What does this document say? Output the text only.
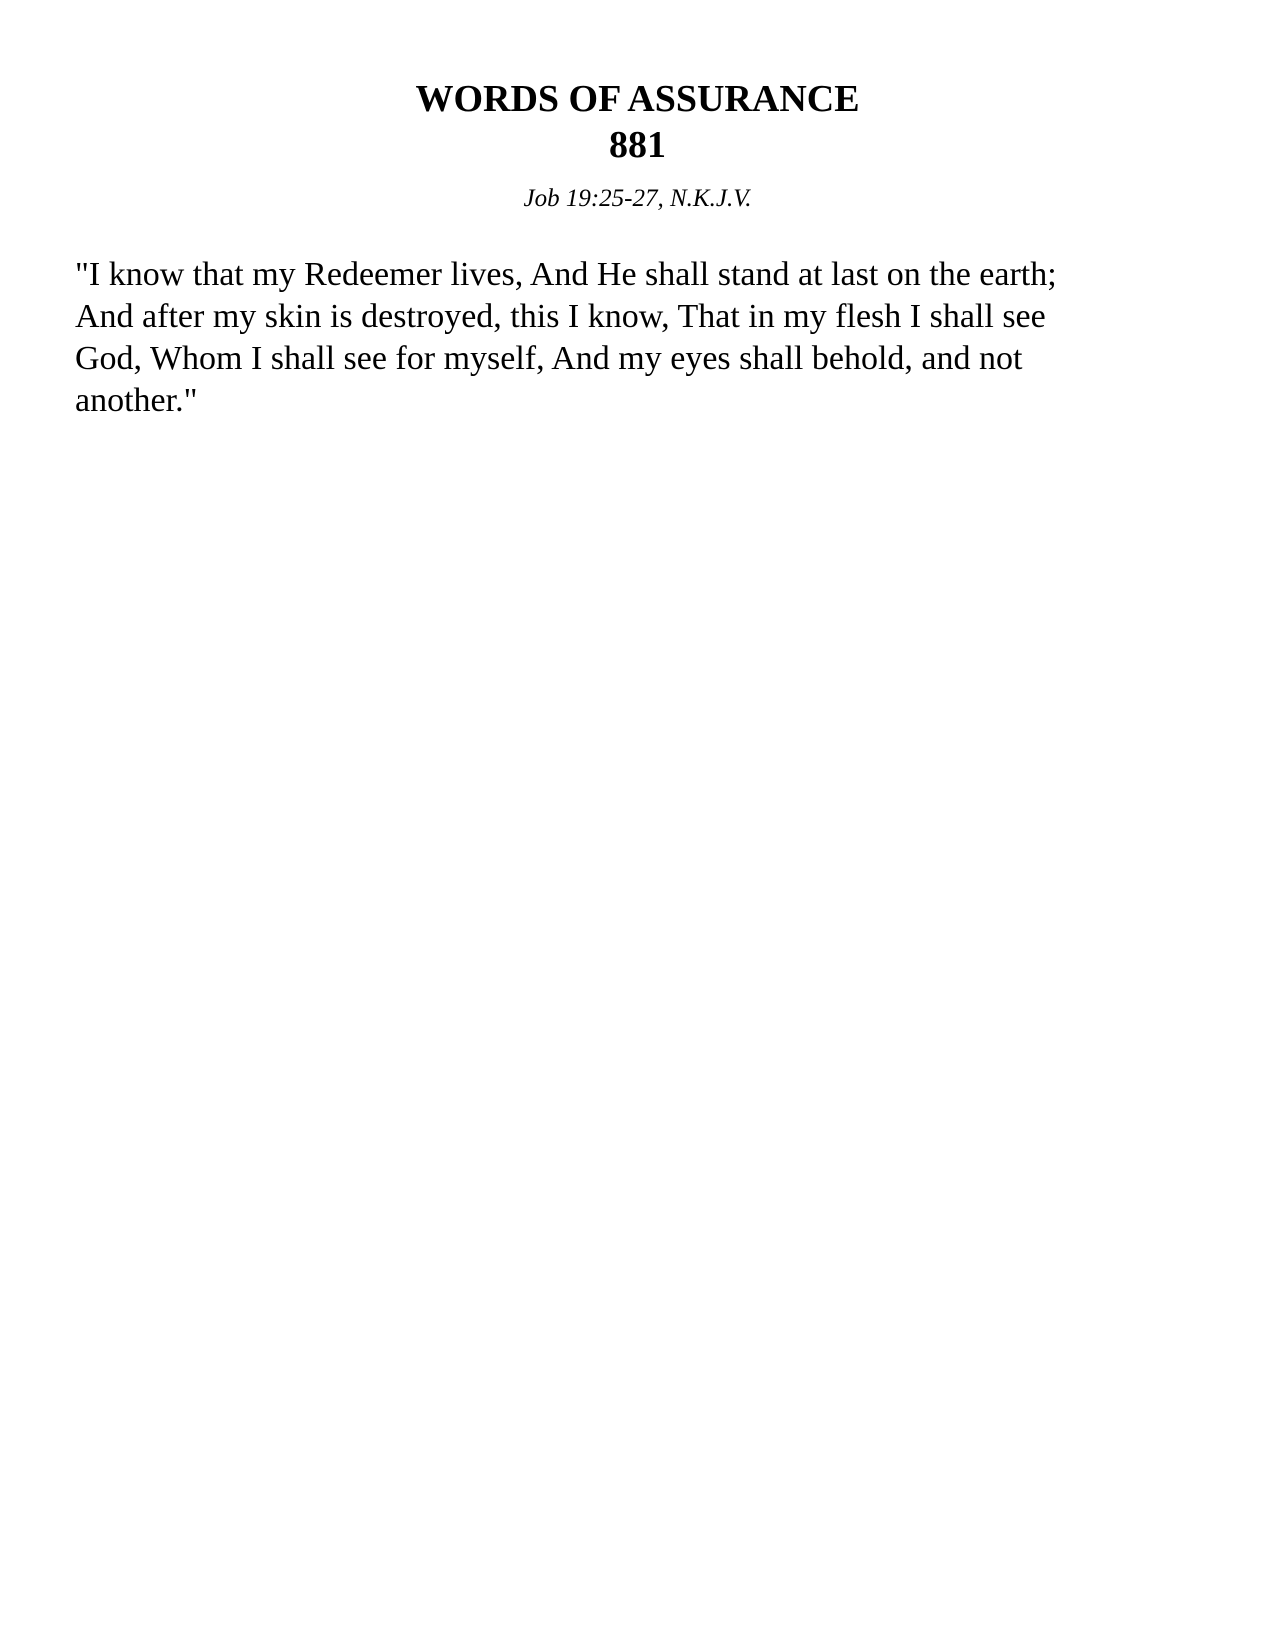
WORDS OF ASSURANCE
881
Job 19:25-27, N.K.J.V.

"I know that my Redeemer lives, And He shall stand at last on the earth;
And after my skin is destroyed, this I know, That in my flesh I shall see
God, Whom I shall see for myself, And my eyes shall behold, and not
another."
